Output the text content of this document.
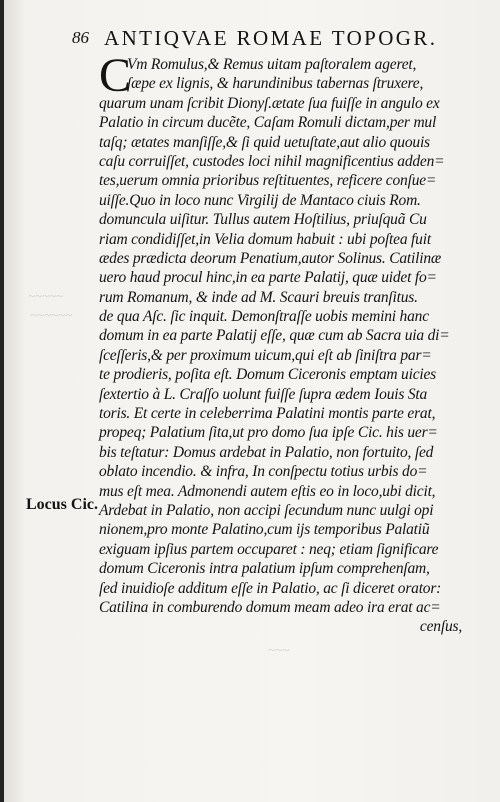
~~~~~
~~~~~~
~~~
86 ANTIQVAE ROMAE TOPOGR.
C
Locus Cic.
Vm Romulus,& Remus uitam paſtoralem ageret,
ſæpe ex lignis, & harundinibus tabernas ſtruxere,
quarum unam ſcribit Dionyſ.ætate ſua fuiſſe in angulo ex
Palatio in circum ducẽte, Caſam Romuli dictam,per mul
taſq; ætates manſiſſe,& ſi quid uetuſtate,aut alio quouis
caſu corruiſſet, custodes loci nihil magnificentius adden=
tes,uerum omnia prioribus reſtituentes, reficere conſue=
uiſſe.Quo in loco nunc Virgilij de Mantaco ciuis Rom.
domuncula uiſitur. Tullus autem Hoſtilius, priuſquã Cu
riam condidiſſet,in Velia domum habuit : ubi poſtea fuit
ædes prædicta deorum Penatium,autor Solinus. Catilinæ
uero haud procul hinc,in ea parte Palatij, quæ uidet fo=
rum Romanum, & inde ad M. Scauri breuis tranſitus.
de qua Aſc. ſic inquit. Demonſtraſſe uobis memini hanc
domum in ea parte Palatij eſſe, quæ cum ab Sacra uia di=
ſceſſeris,& per proximum uicum,qui eſt ab ſiniſtra par=
te prodieris, poſita eſt. Domum Ciceronis emptam uicies
ſextertio à L. Craſſo uolunt fuiſſe ſupra ædem Iouis Sta
toris. Et certe in celeberrima Palatini montis parte erat,
propeq; Palatium ſita,ut pro domo ſua ipſe Cic. his uer=
bis teſtatur: Domus ardebat in Palatio, non fortuito, ſed
oblato incendio. & infra, In conſpectu totius urbis do=
mus eſt mea. Admonendi autem eſtis eo in loco,ubi dicit,
Ardebat in Palatio, non accipi ſecundum nunc uulgi opi
nionem,pro monte Palatino,cum ijs temporibus Palatiũ
exiguam ipſius partem occuparet : neq; etiam ſignificare
domum Ciceronis intra palatium ipſum comprehenſam,
ſed inuidioſe additum eſſe in Palatio, ac ſi diceret orator:
Catilina in comburendo domum meam adeo ira erat ac=
cenſus,
